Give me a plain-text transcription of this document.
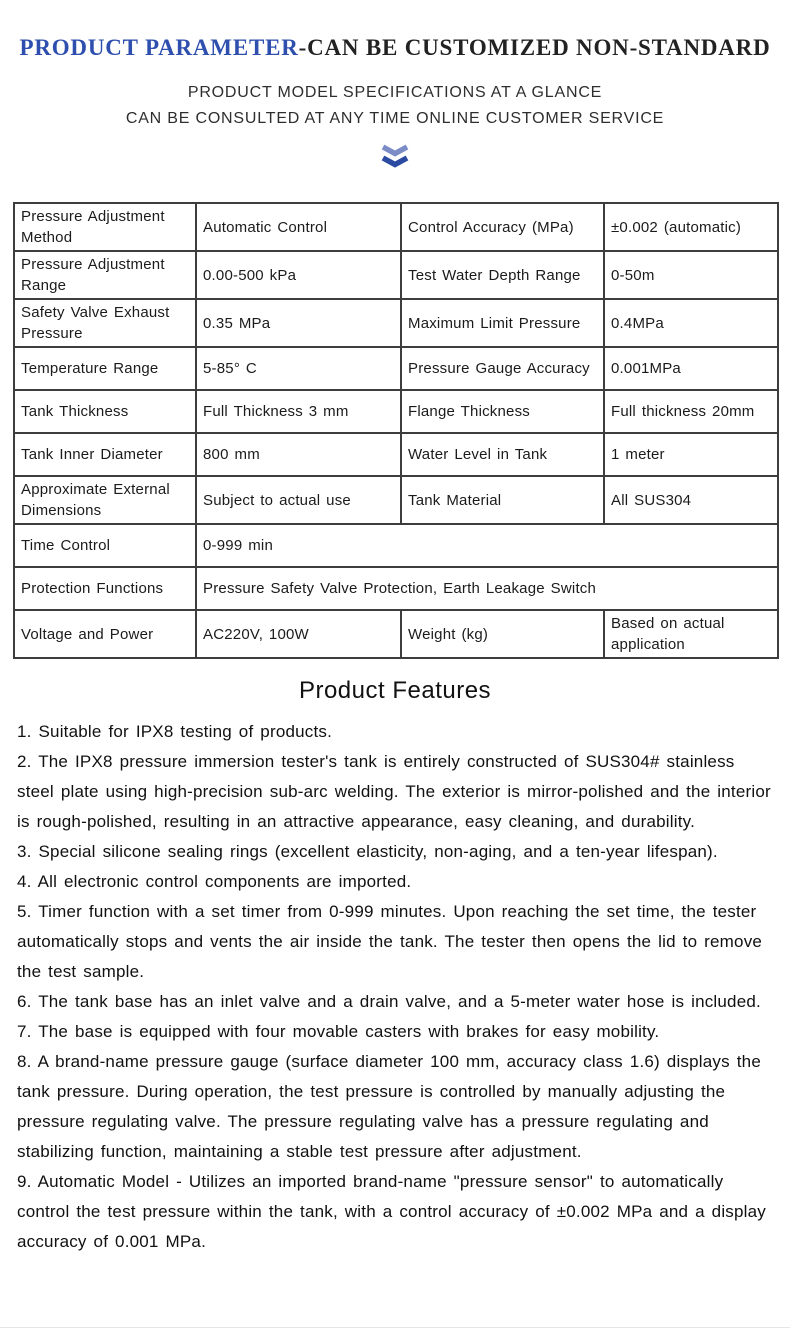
PRODUCT PARAMETER-CAN BE CUSTOMIZED NON-STANDARD
PRODUCT MODEL SPECIFICATIONS AT A GLANCE
CAN BE CONSULTED AT ANY TIME ONLINE CUSTOMER SERVICE
Pressure Adjustment Method	Automatic Control	Control Accuracy (MPa)	±0.002 (automatic)
Pressure Adjustment Range	0.00-500 kPa	Test Water Depth Range	0-50m
Safety Valve Exhaust Pressure	0.35 MPa	Maximum Limit Pressure	0.4MPa
Temperature Range	5-85° C	Pressure Gauge Accuracy	0.001MPa
Tank Thickness	Full Thickness 3 mm	Flange Thickness	Full thickness 20mm
Tank Inner Diameter	800 mm	Water Level in Tank	1 meter
Approximate External Dimensions	Subject to actual use	Tank Material	All SUS304
Time Control	0-999 min		
Protection Functions	Pressure Safety Valve Protection, Earth Leakage Switch		
Voltage and Power	AC220V, 100W	Weight (kg)	Based on actual application
Product Features

1. Suitable for IPX8 testing of products.

2. The IPX8 pressure immersion tester's tank is entirely constructed of SUS304# stainless steel plate using high-precision sub-arc welding. The exterior is mirror-polished and the interior is rough-polished, resulting in an attractive appearance, easy cleaning, and durability.

3. Special silicone sealing rings (excellent elasticity, non-aging, and a ten-year lifespan).

4. All electronic control components are imported.

5. Timer function with a set timer from 0-999 minutes. Upon reaching the set time, the tester automatically stops and vents the air inside the tank. The tester then opens the lid to remove the test sample.

6. The tank base has an inlet valve and a drain valve, and a 5-meter water hose is included.

7. The base is equipped with four movable casters with brakes for easy mobility.

8. A brand-name pressure gauge (surface diameter 100 mm, accuracy class 1.6) displays the tank pressure. During operation, the test pressure is controlled by manually adjusting the pressure regulating valve. The pressure regulating valve has a pressure regulating and stabilizing function, maintaining a stable test pressure after adjustment.

9. Automatic Model - Utilizes an imported brand-name "pressure sensor" to automatically control the test pressure within the tank, with a control accuracy of ±0.002 MPa and a display accuracy of 0.001 MPa.
